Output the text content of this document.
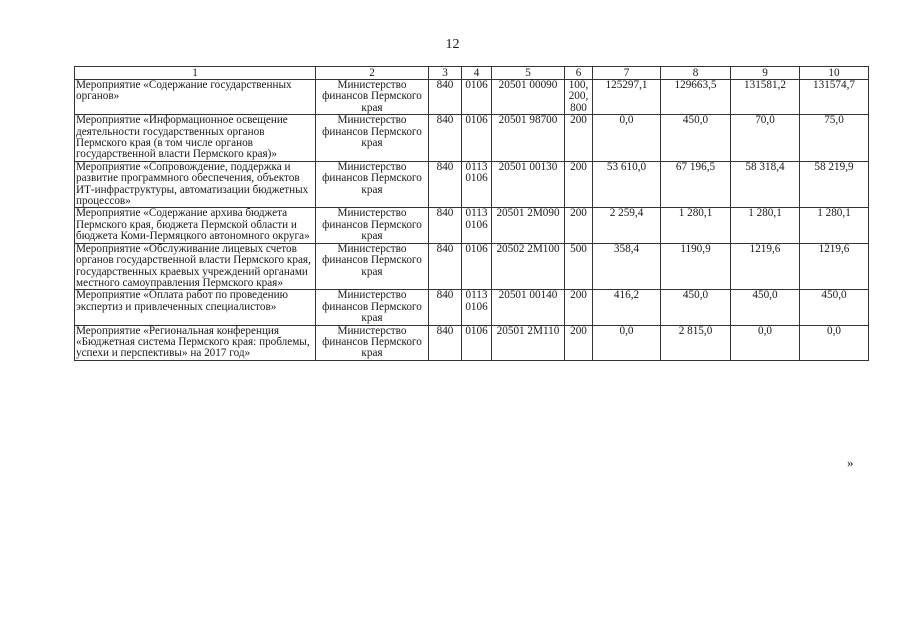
12
1	2	3	4	5	6	7	8	9	10
Мероприятие «Содержание государственных органов»	Министерство финансов Пермского края	840	0106	20501 00090	100, 200, 800	125297,1	129663,5	131581,2	131574,7
Мероприятие «Информационное освещение деятельности государственных органов Пермского края (в том числе органов государственной власти Пермского края)»	Министерство финансов Пермского края	840	0106	20501 98700	200	0,0	450,0	70,0	75,0
Мероприятие «Сопровождение, поддержка и развитие программного обеспечения, объектов ИТ-инфраструктуры, автоматизации бюджетных процессов»	Министерство финансов Пермского края	840	0113 0106	20501 00130	200	53 610,0	67 196,5	58 318,4	58 219,9
Мероприятие «Содержание архива бюджета Пермского края, бюджета Пермской области и бюджета Коми-Пермяцкого автономного округа»	Министерство финансов Пермского края	840	0113 0106	20501 2М090	200	2 259,4	1 280,1	1 280,1	1 280,1
Мероприятие «Обслуживание лицевых счетов органов государственной власти Пермского края, государственных краевых учреждений органами местного самоуправления Пермского края»	Министерство финансов Пермского края	840	0106	20502 2М100	500	358,4	1190,9	1219,6	1219,6
Мероприятие «Оплата работ по проведению экспертиз и привлеченных специалистов»	Министерство финансов Пермского края	840	0113 0106	20501 00140	200	416,2	450,0	450,0	450,0
Мероприятие «Региональная конференция «Бюджетная система Пермского края: проблемы, успехи и перспективы» на 2017 год»	Министерство финансов Пермского края	840	0106	20501 2М110	200	0,0	2 815,0	0,0	0,0
»
